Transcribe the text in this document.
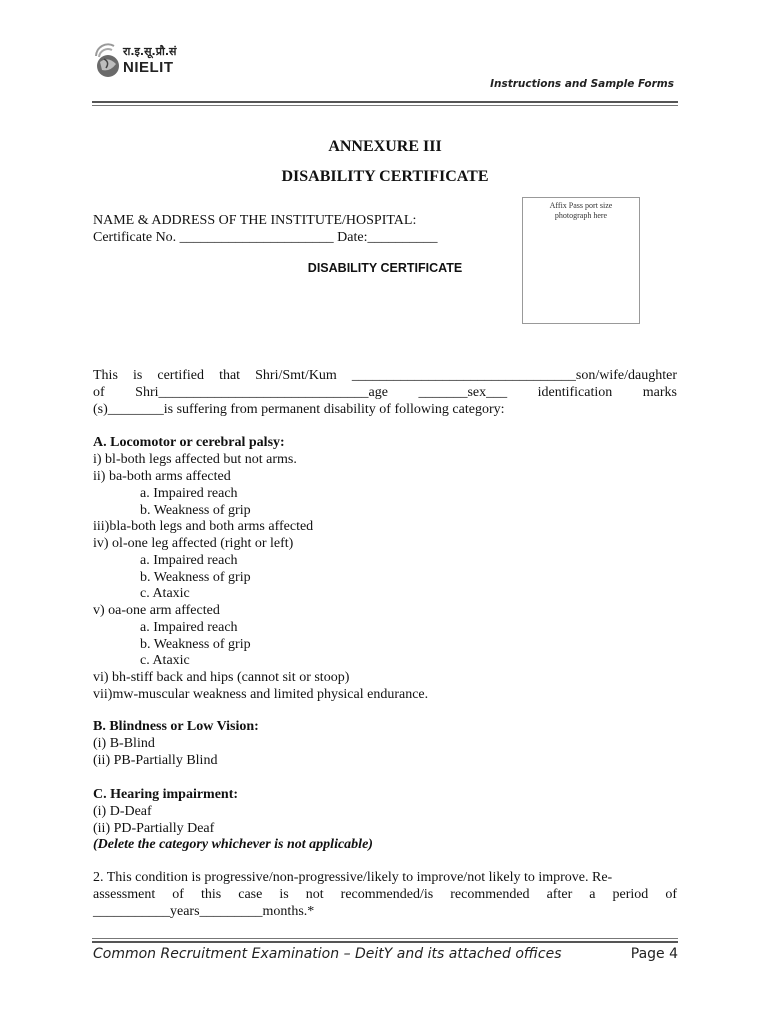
रा.इ.सू.प्रौ.सं
NIELIT
Instructions and Sample Forms
ANNEXURE III
DISABILITY CERTIFICATE
Affix Pass port size
photograph here
NAME & ADDRESS OF THE INSTITUTE/HOSPITAL:
Certificate No. ______________________ Date:__________
DISABILITY CERTIFICATE
This is certified that Shri/Smt/Kum ________________________________son/wife/daughter
of Shri______________________________age _______sex___ identification marks
(s)________is suffering from permanent disability of following category:
A. Locomotor or cerebral palsy:
i) bl-both legs affected but not arms.
ii) ba-both arms affected
a. Impaired reach
b. Weakness of grip
iii)bla-both legs and both arms affected
iv) ol-one leg affected (right or left)
a. Impaired reach
b. Weakness of grip
c. Ataxic
v) oa-one arm affected
a. Impaired reach
b. Weakness of grip
c. Ataxic
vi) bh-stiff back and hips (cannot sit or stoop)
vii)mw-muscular weakness and limited physical endurance.
B. Blindness or Low Vision:
(i) B-Blind
(ii) PB-Partially Blind
C. Hearing impairment:
(i) D-Deaf
(ii) PD-Partially Deaf
(Delete the category whichever is not applicable)
2. This condition is progressive/non-progressive/likely to improve/not likely to improve. Re-
assessment of this case is not recommended/is recommended after a period of
___________years_________months.*
Common Recruitment Examination – DeitY and its attached offices	Page 4
